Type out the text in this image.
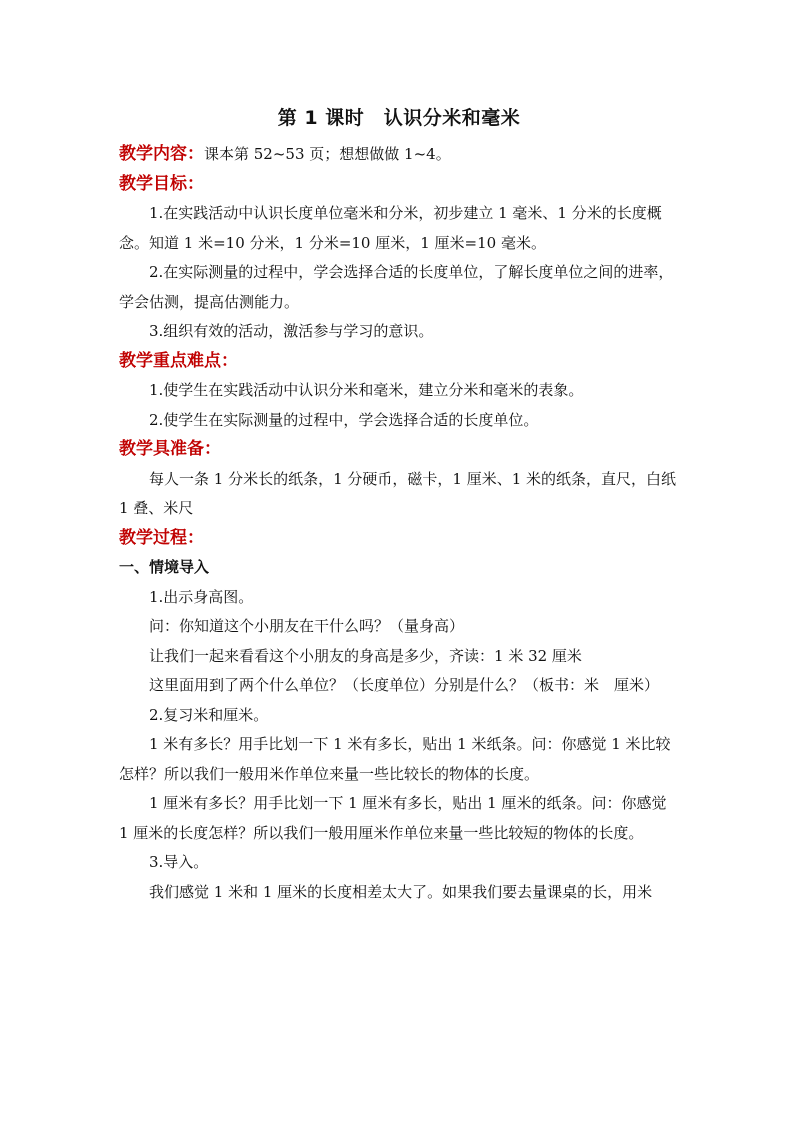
第 1 课时　认识分米和毫米

教学内容：课本第 52~53 页；想想做做 1~4。

教学目标：

1.在实践活动中认识长度单位毫米和分米，初步建立 1 毫米、1 分米的长度概念。知道 1 米=10 分米，1 分米=10 厘米，1 厘米=10 毫米。

2.在实际测量的过程中，学会选择合适的长度单位，了解长度单位之间的进率，学会估测，提高估测能力。

3.组织有效的活动，激活参与学习的意识。

教学重点难点：

1.使学生在实践活动中认识分米和毫米，建立分米和毫米的表象。

2.使学生在实际测量的过程中，学会选择合适的长度单位。

教学具准备：

每人一条 1 分米长的纸条，1 分硬币，磁卡，1 厘米、1 米的纸条，直尺，白纸 1 叠、米尺

教学过程：

一、情境导入

1.出示身高图。

问：你知道这个小朋友在干什么吗？（量身高）

让我们一起来看看这个小朋友的身高是多少，齐读：1 米 32 厘米

这里面用到了两个什么单位？（长度单位）分别是什么？（板书：米　厘米）

2.复习米和厘米。

1 米有多长？用手比划一下 1 米有多长，贴出 1 米纸条。问：你感觉 1 米比较怎样？所以我们一般用米作单位来量一些比较长的物体的长度。

1 厘米有多长？用手比划一下 1 厘米有多长，贴出 1 厘米的纸条。问：你感觉 1 厘米的长度怎样？所以我们一般用厘米作单位来量一些比较短的物体的长度。

3.导入。

我们感觉 1 米和 1 厘米的长度相差太大了。如果我们要去量课桌的长，用米
